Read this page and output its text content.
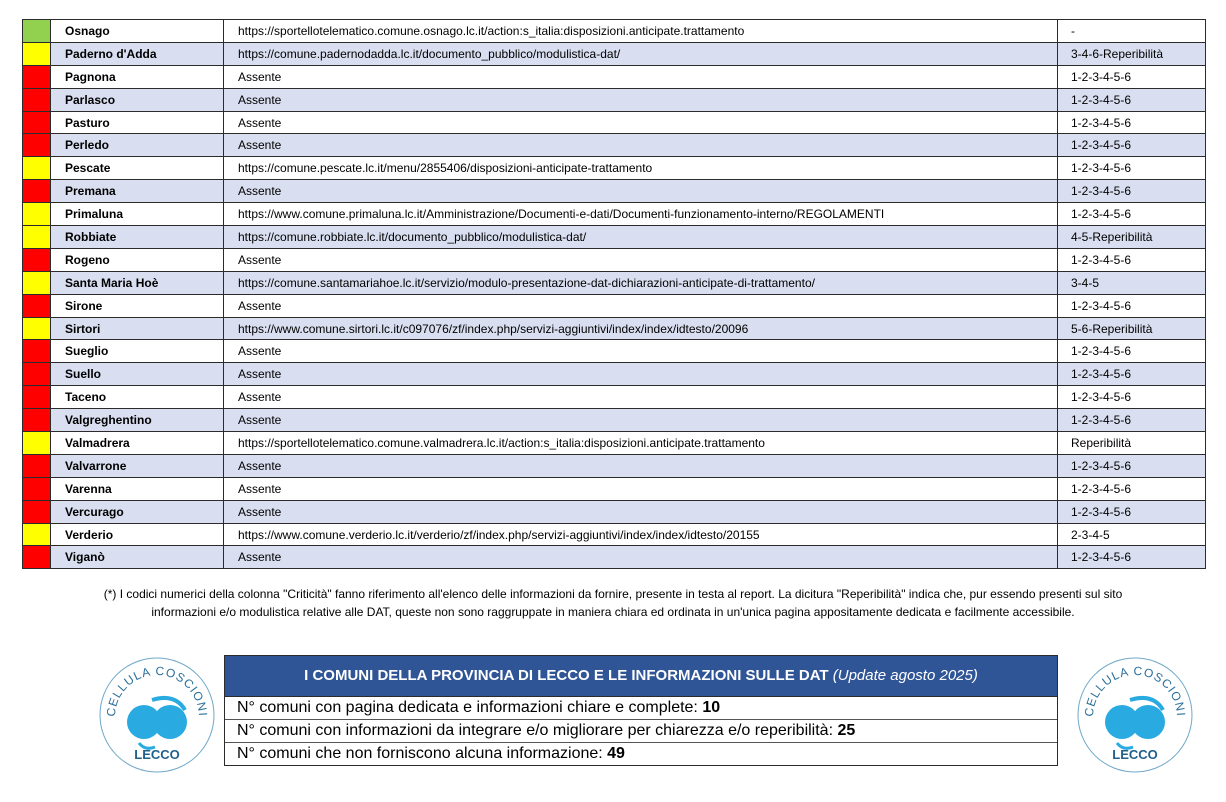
	Osnago	https://sportellotelematico.comune.osnago.lc.it/action:s_italia:disposizioni.anticipate.trattamento	-
	Paderno d'Adda	https://comune.padernodadda.lc.it/documento_pubblico/modulistica-dat/	3-4-6-Reperibilità
	Pagnona	Assente	1-2-3-4-5-6
	Parlasco	Assente	1-2-3-4-5-6
	Pasturo	Assente	1-2-3-4-5-6
	Perledo	Assente	1-2-3-4-5-6
	Pescate	https://comune.pescate.lc.it/menu/2855406/disposizioni-anticipate-trattamento	1-2-3-4-5-6
	Premana	Assente	1-2-3-4-5-6
	Primaluna	https://www.comune.primaluna.lc.it/Amministrazione/Documenti-e-dati/Documenti-funzionamento-interno/REGOLAMENTI	1-2-3-4-5-6
	Robbiate	https://comune.robbiate.lc.it/documento_pubblico/modulistica-dat/	4-5-Reperibilità
	Rogeno	Assente	1-2-3-4-5-6
	Santa Maria Hoè	https://comune.santamariahoe.lc.it/servizio/modulo-presentazione-dat-dichiarazioni-anticipate-di-trattamento/	3-4-5
	Sirone	Assente	1-2-3-4-5-6
	Sirtori	https://www.comune.sirtori.lc.it/c097076/zf/index.php/servizi-aggiuntivi/index/index/idtesto/20096	5-6-Reperibilità
	Sueglio	Assente	1-2-3-4-5-6
	Suello	Assente	1-2-3-4-5-6
	Taceno	Assente	1-2-3-4-5-6
	Valgreghentino	Assente	1-2-3-4-5-6
	Valmadrera	https://sportellotelematico.comune.valmadrera.lc.it/action:s_italia:disposizioni.anticipate.trattamento	Reperibilità
	Valvarrone	Assente	1-2-3-4-5-6
	Varenna	Assente	1-2-3-4-5-6
	Vercurago	Assente	1-2-3-4-5-6
	Verderio	https://www.comune.verderio.lc.it/verderio/zf/index.php/servizi-aggiuntivi/index/index/idtesto/20155	2-3-4-5
	Viganò	Assente	1-2-3-4-5-6
(*) I codici numerici della colonna "Criticità" fanno riferimento all'elenco delle informazioni da fornire, presente in testa al report. La dicitura "Reperibilità" indica che, pur essendo presenti sul sito
informazioni e/o modulistica relative alle DAT, queste non sono raggruppate in maniera chiara ed ordinata in un'unica pagina appositamente dedicata e facilmente accessibile.
CELLULA COSCIONI
LECCO
I COMUNI DELLA PROVINCIA DI LECCO E LE INFORMAZIONI SULLE DAT (Update agosto 2025)
N° comuni con pagina dedicata e informazioni chiare e complete: 10
N° comuni con informazioni da integrare e/o migliorare per chiarezza e/o reperibilità: 25
N° comuni che non forniscono alcuna informazione: 49
CELLULA COSCIONI
LECCO
